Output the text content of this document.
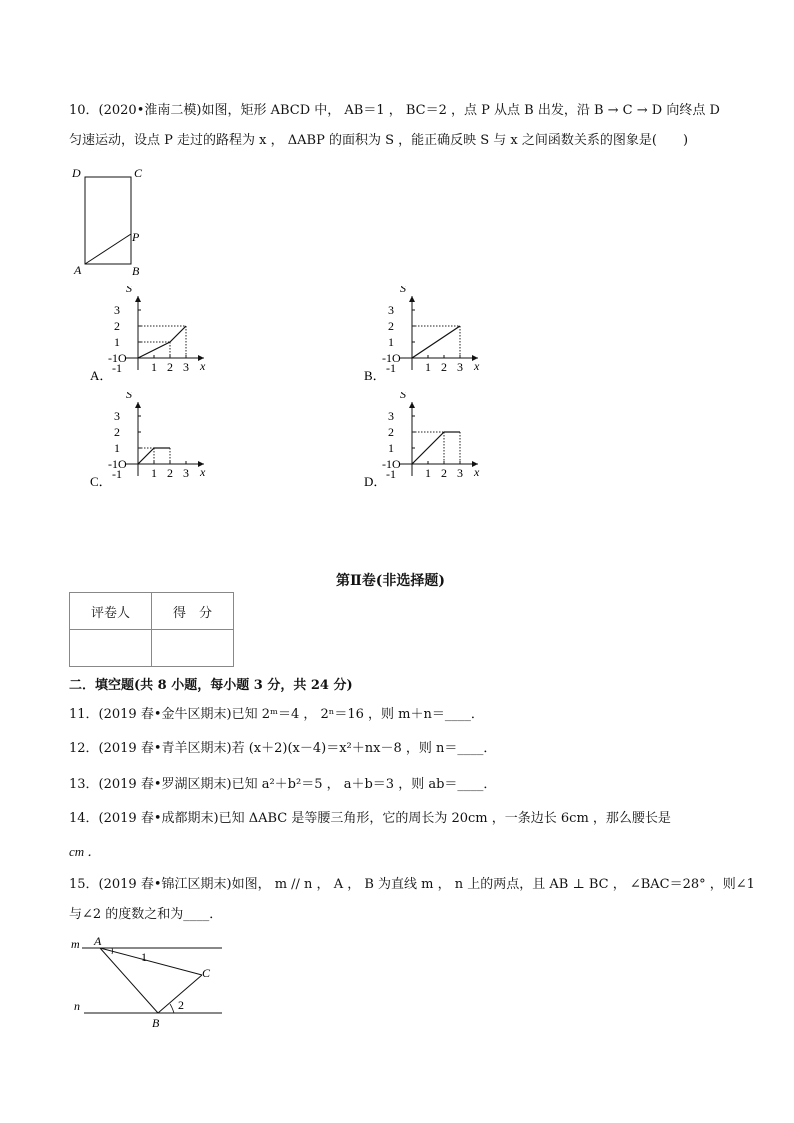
10．(2020•淮南二模)如图，矩形 ABCD 中， AB＝1 ， BC＝2 ，点 P 从点 B 出发，沿 B → C → D 向终点 D
匀速运动，设点 P 走过的路程为 x ， ΔABP 的面积为 S ，能正确反映 S 与 x 之间函数关系的图象是(　　)
D	C
A	B
P
S
x
3
2
1
-1O
-1 1 2 3
A．
S
x
3
2
1
-1O
-1 1 2 3
B．
S
x
3
2
1
-1O
-1 1 2 3
C．
S
x
3
2
1
-1O
-1 1 2 3
D．
第Ⅱ卷(非选择题)
评卷人	得　分

二．填空题(共 8 小题，每小题 3 分，共 24 分)
11．(2019 春•金牛区期末)已知 2ᵐ＝4 ， 2ⁿ＝16 ，则 m＋n＝____．
12．(2019 春•青羊区期末)若 (x＋2)(x－4)＝x²＋nx－8 ，则 n＝____．
13．(2019 春•罗湖区期末)已知 a²＋b²＝5 ， a＋b＝3 ，则 ab＝____．
14．(2019 春•成都期末)已知 ΔABC 是等腰三角形，它的周长为 20cm ，一条边长 6cm ，那么腰长是
cm ．
15．(2019 春•锦江区期末)如图， m // n ， A ， B 为直线 m ， n 上的两点，且 AB ⊥ BC ， ∠BAC＝28° ，则∠1
与∠2 的度数之和为____．
m
n
A
B
C
1
2
